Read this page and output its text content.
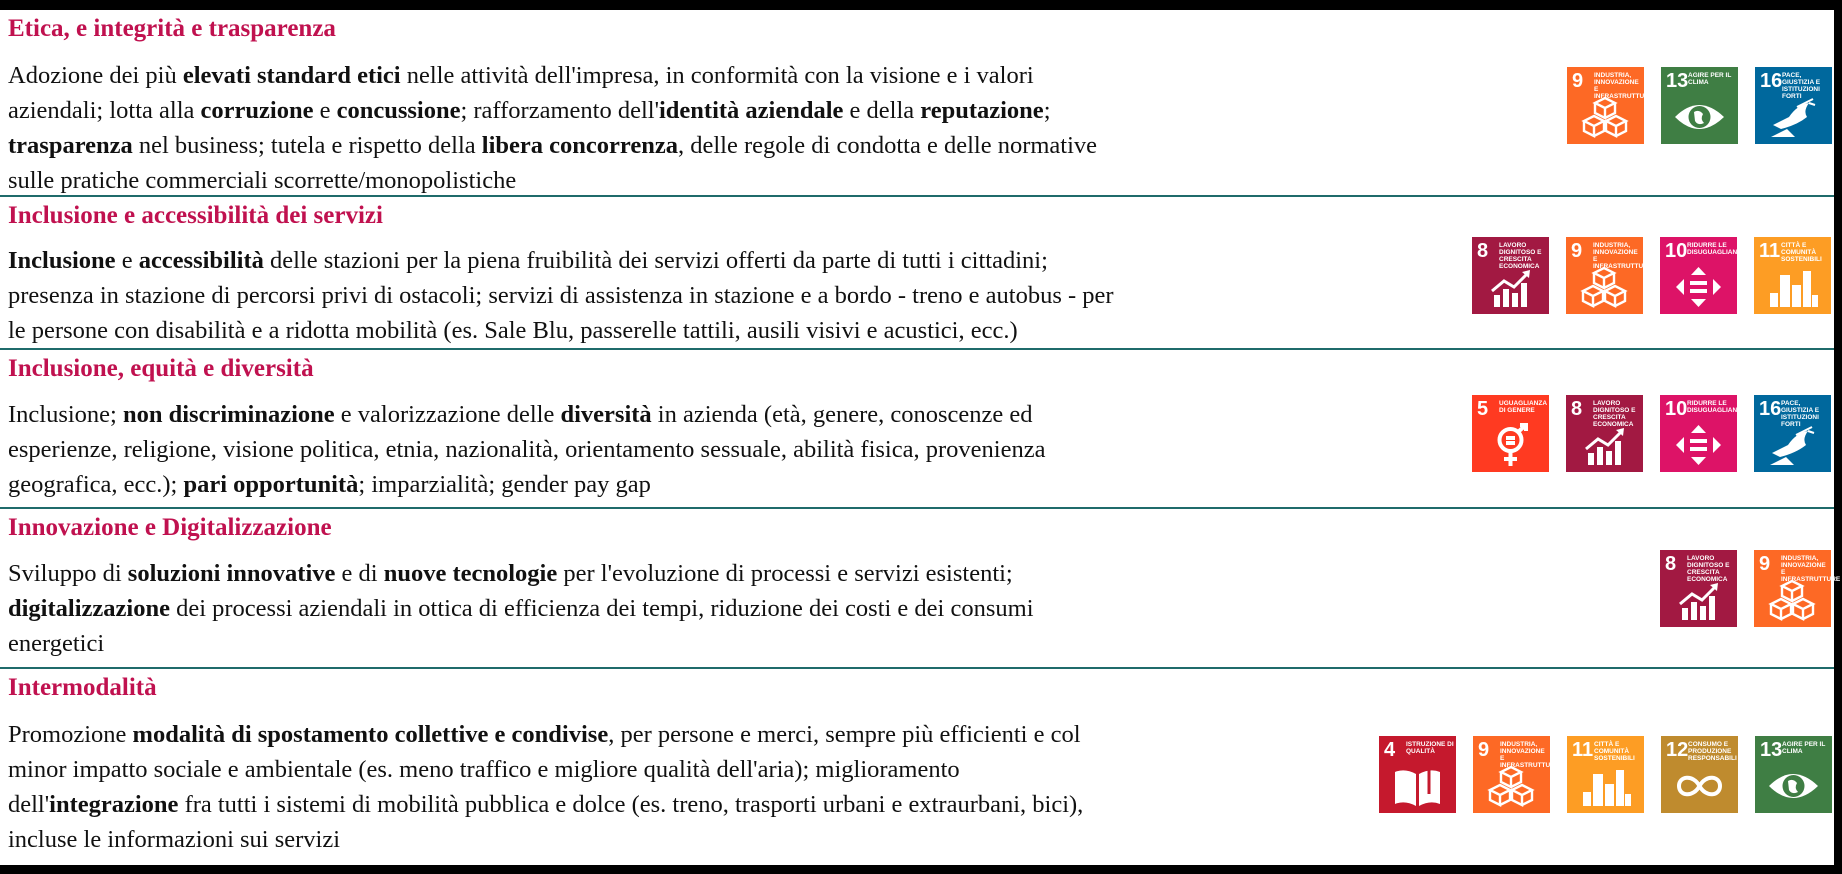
Etica, e integrità e trasparenza

Adozione dei più elevati standard etici nelle attività dell'impresa, in conformità con la visione e i valori
aziendali; lotta alla corruzione e concussione; rafforzamento dell'identità aziendale e della reputazione;
trasparenza nel business; tutela e rispetto della libera concorrenza, delle regole di condotta e delle normative
sulle pratiche commerciali scorrette/monopolistiche

9 INDUSTRIA, INNOVAZIONE E INFRASTRUTTURE
13 AGIRE PER IL CLIMA	16 PACE, GIUSTIZIA E ISTITUZIONI FORTI
Inclusione e accessibilità dei servizi

Inclusione e accessibilità delle stazioni per la piena fruibilità dei servizi offerti da parte di tutti i cittadini;
presenza in stazione di percorsi privi di ostacoli; servizi di assistenza in stazione e a bordo - treno e autobus - per
le persone con disabilità e a ridotta mobilità (es. Sale Blu, passerelle tattili, ausili visivi e acustici, ecc.)

8 LAVORO DIGNITOSO E CRESCITA ECONOMICA
9 INDUSTRIA, INNOVAZIONE E INFRASTRUTTURE
10 RIDURRE LE DISUGUAGLIANZE 11 CITTÀ E COMUNITÀ SOSTENIBILI
Inclusione, equità e diversità

Inclusione; non discriminazione e valorizzazione delle diversità in azienda (età, genere, conoscenze ed
esperienze, religione, visione politica, etnia, nazionalità, orientamento sessuale, abilità fisica, provenienza
geografica, ecc.); pari opportunità; imparzialità; gender pay gap

5 UGUAGLIANZA DI GENERE	8 LAVORO DIGNITOSO E CRESCITA ECONOMICA
10 RIDURRE LE DISUGUAGLIANZE 16 PACE, GIUSTIZIA E ISTITUZIONI FORTI
Innovazione e Digitalizzazione

Sviluppo di soluzioni innovative e di nuove tecnologie per l'evoluzione di processi e servizi esistenti;
digitalizzazione dei processi aziendali in ottica di efficienza dei tempi, riduzione dei costi e dei consumi
energetici

8 LAVORO DIGNITOSO E CRESCITA ECONOMICA
9 INDUSTRIA, INNOVAZIONE E INFRASTRUTTURE
Intermodalità

Promozione modalità di spostamento collettive e condivise, per persone e merci, sempre più efficienti e col
minor impatto sociale e ambientale (es. meno traffico e migliore qualità dell'aria); miglioramento
dell'integrazione fra tutti i sistemi di mobilità pubblica e dolce (es. treno, trasporti urbani e extraurbani, bici),
incluse le informazioni sui servizi

4 ISTRUZIONE DI QUALITÀ	9 INDUSTRIA, INNOVAZIONE E INFRASTRUTTURE
11 CITTÀ E COMUNITÀ SOSTENIBILI	12 CONSUMO E PRODUZIONE RESPONSABILI 13 AGIRE PER IL CLIMA
